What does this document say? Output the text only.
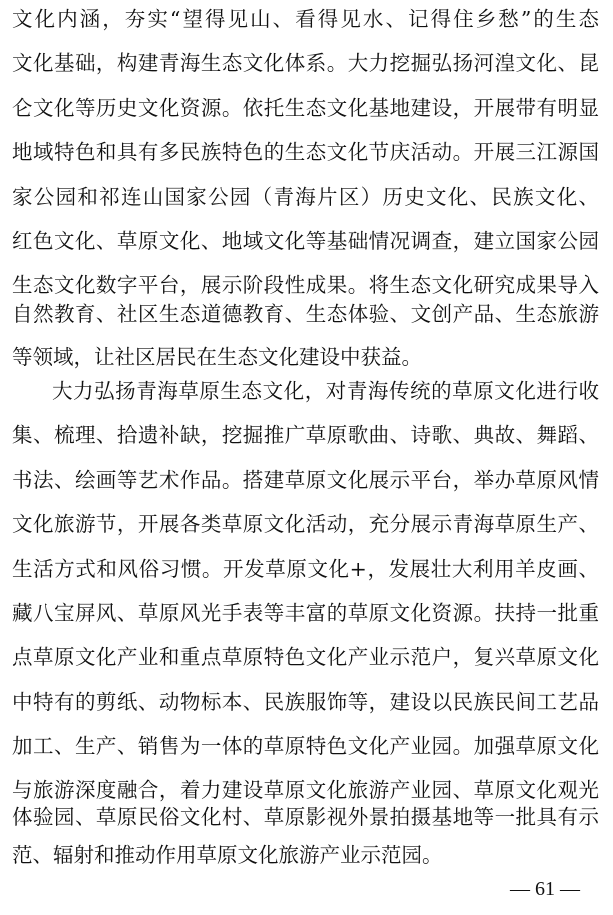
文化内涵，夯实“望得见山、看得见水、记得住乡愁”的生态
文化基础，构建青海生态文化体系。大力挖掘弘扬河湟文化、昆
仑文化等历史文化资源。依托生态文化基地建设，开展带有明显
地域特色和具有多民族特色的生态文化节庆活动。开展三江源国
家公园和祁连山国家公园（青海片区）历史文化、民族文化、
红色文化、草原文化、地域文化等基础情况调查，建立国家公园
生态文化数字平台，展示阶段性成果。将生态文化研究成果导入
自然教育、社区生态道德教育、生态体验、文创产品、生态旅游
等领域，让社区居民在生态文化建设中获益。
大力弘扬青海草原生态文化，对青海传统的草原文化进行收
集、梳理、拾遗补缺，挖掘推广草原歌曲、诗歌、典故、舞蹈、
书法、绘画等艺术作品。搭建草原文化展示平台，举办草原风情
文化旅游节，开展各类草原文化活动，充分展示青海草原生产、
生活方式和风俗习惯。开发草原文化+，发展壮大利用羊皮画、
藏八宝屏风、草原风光手表等丰富的草原文化资源。扶持一批重
点草原文化产业和重点草原特色文化产业示范户，复兴草原文化
中特有的剪纸、动物标本、民族服饰等，建设以民族民间工艺品
加工、生产、销售为一体的草原特色文化产业园。加强草原文化
与旅游深度融合，着力建设草原文化旅游产业园、草原文化观光
体验园、草原民俗文化村、草原影视外景拍摄基地等一批具有示
范、辐射和推动作用草原文化旅游产业示范园。
— 61 —
